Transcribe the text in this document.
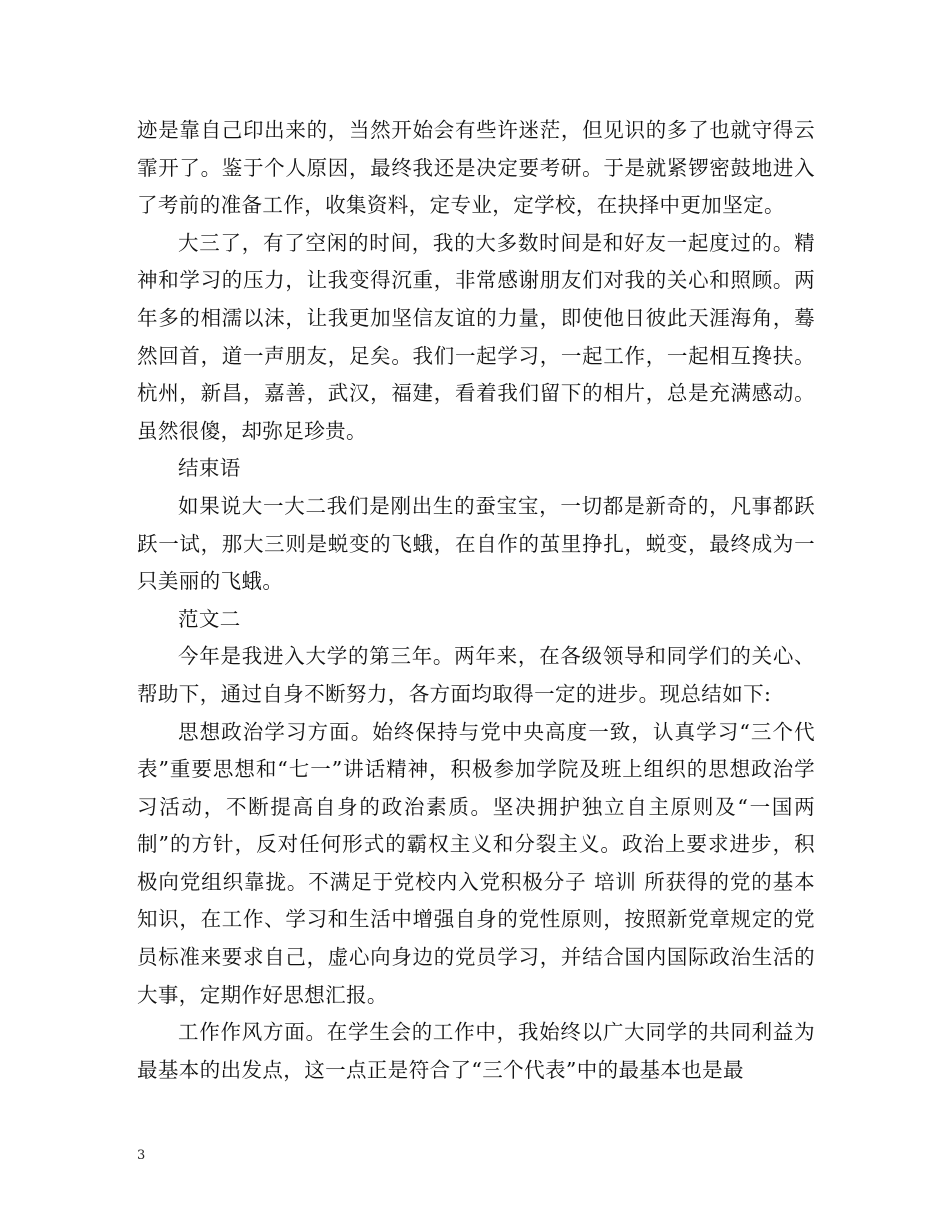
迹是靠自己印出来的，当然开始会有些许迷茫，但见识的多了也就守得云霏开了。鉴于个人原因，最终我还是决定要考研。于是就紧锣密鼓地进入了考前的准备工作，收集资料，定专业，定学校，在抉择中更加坚定。

大三了，有了空闲的时间，我的大多数时间是和好友一起度过的。精神和学习的压力，让我变得沉重，非常感谢朋友们对我的关心和照顾。两年多的相濡以沫，让我更加坚信友谊的力量，即使他日彼此天涯海角，蓦然回首，道一声朋友，足矣。我们一起学习，一起工作，一起相互搀扶。杭州，新昌，嘉善，武汉，福建，看着我们留下的相片，总是充满感动。虽然很傻，却弥足珍贵。

结束语

如果说大一大二我们是刚出生的蚕宝宝，一切都是新奇的，凡事都跃跃一试，那大三则是蜕变的飞蛾，在自作的茧里挣扎，蜕变，最终成为一只美丽的飞蛾。

范文二

今年是我进入大学的第三年。两年来，在各级领导和同学们的关心、帮助下，通过自身不断努力，各方面均取得一定的进步。现总结如下:

思想政治学习方面。始终保持与党中央高度一致，认真学习“三个代表”重要思想和“七一”讲话精神，积极参加学院及班上组织的思想政治学习活动，不断提高自身的政治素质。坚决拥护独立自主原则及“一国两制”的方针，反对任何形式的霸权主义和分裂主义。政治上要求进步，积极向党组织靠拢。不满足于党校内入党积极分子 培训 所获得的党的基本知识，在工作、学习和生活中增强自身的党性原则，按照新党章规定的党员标准来要求自己，虚心向身边的党员学习，并结合国内国际政治生活的大事，定期作好思想汇报。

工作作风方面。在学生会的工作中，我始终以广大同学的共同利益为最基本的出发点，这一点正是符合了“三个代表”中的最基本也是最

3
